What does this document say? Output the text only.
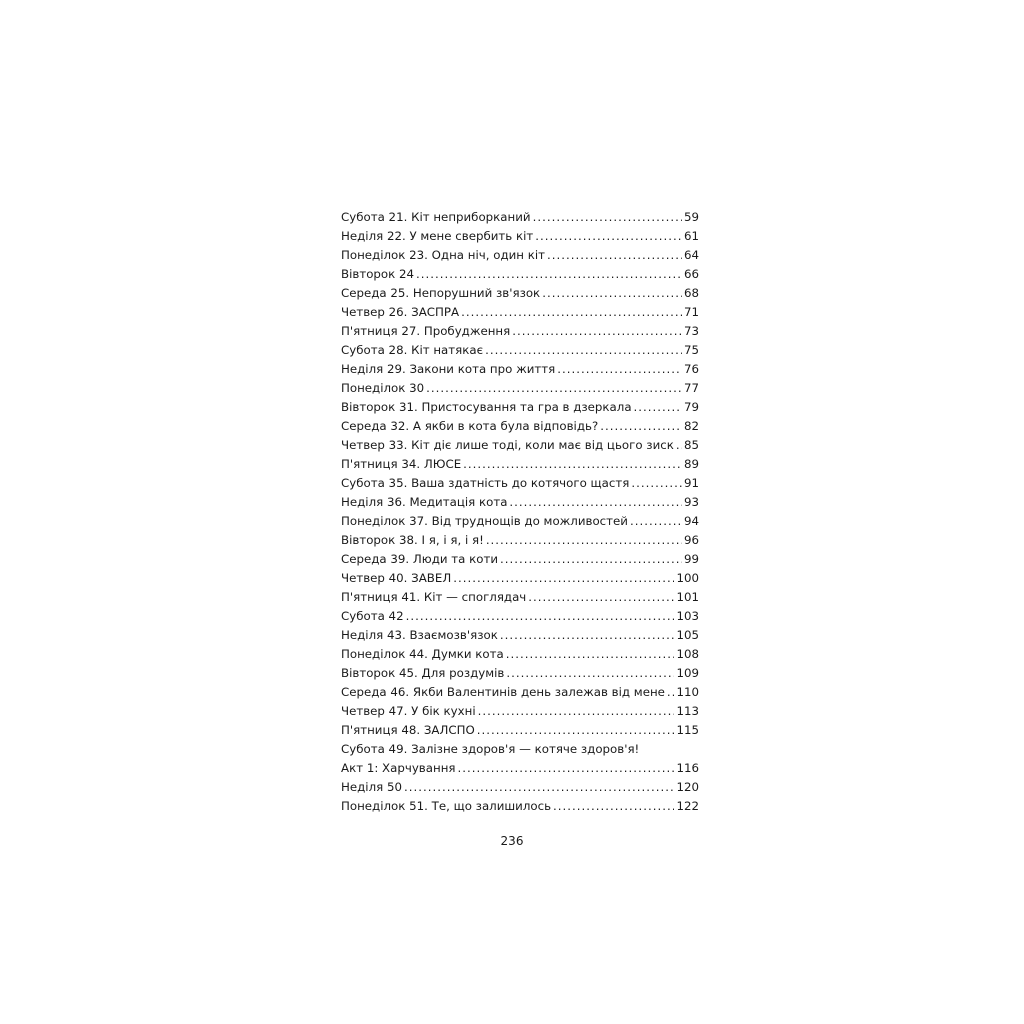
Субота 21. Кіт неприборканий .....	59
Неділя 22. У мене свербить кіт .....	61
Понеділок 23. Одна ніч, один кіт .....	64
Вівторок 24 .....	66
Середа 25. Непорушний зв'язок .....	68
Четвер 26. ЗАСПРА .....	71
П'ятниця 27. Пробудження .....	73
Субота 28. Кіт натякає .....	75
Неділя 29. Закони кота про життя .....	76
Понеділок 30 .....	77
Вівторок 31. Пристосування та гра в дзеркала .....	79
Середа 32. А якби в кота була відповідь? .....	82
Четвер 33. Кіт діє лише тоді, коли має від цього зиск ..... 85
П'ятниця 34. ЛЮСЕ .....	89
Субота 35. Ваша здатність до котячого щастя .....	91
Неділя 36. Медитація кота .....	93
Понеділок 37. Від труднощів до можливостей .....	94
Вівторок 38. І я, і я, і я! .....	96
Середа 39. Люди та коти .....	99
Четвер 40. ЗАВЕЛ .....	100
П'ятниця 41. Кіт — споглядач .....	101
Субота 42 .....	103
Неділя 43. Взаємозв'язок .....	105
Понеділок 44. Думки кота .....	108
Вівторок 45. Для роздумів .....	109
Середа 46. Якби Валентинів день залежав від мене ..... 110
Четвер 47. У бік кухні .....	113
П'ятниця 48. ЗАЛСПО .....	115
Субота 49. Залізне здоров'я — котяче здоров'я!
Акт 1: Харчування .....	116
Неділя 50 .....	120
Понеділок 51. Те, що залишилось .....	122
236
